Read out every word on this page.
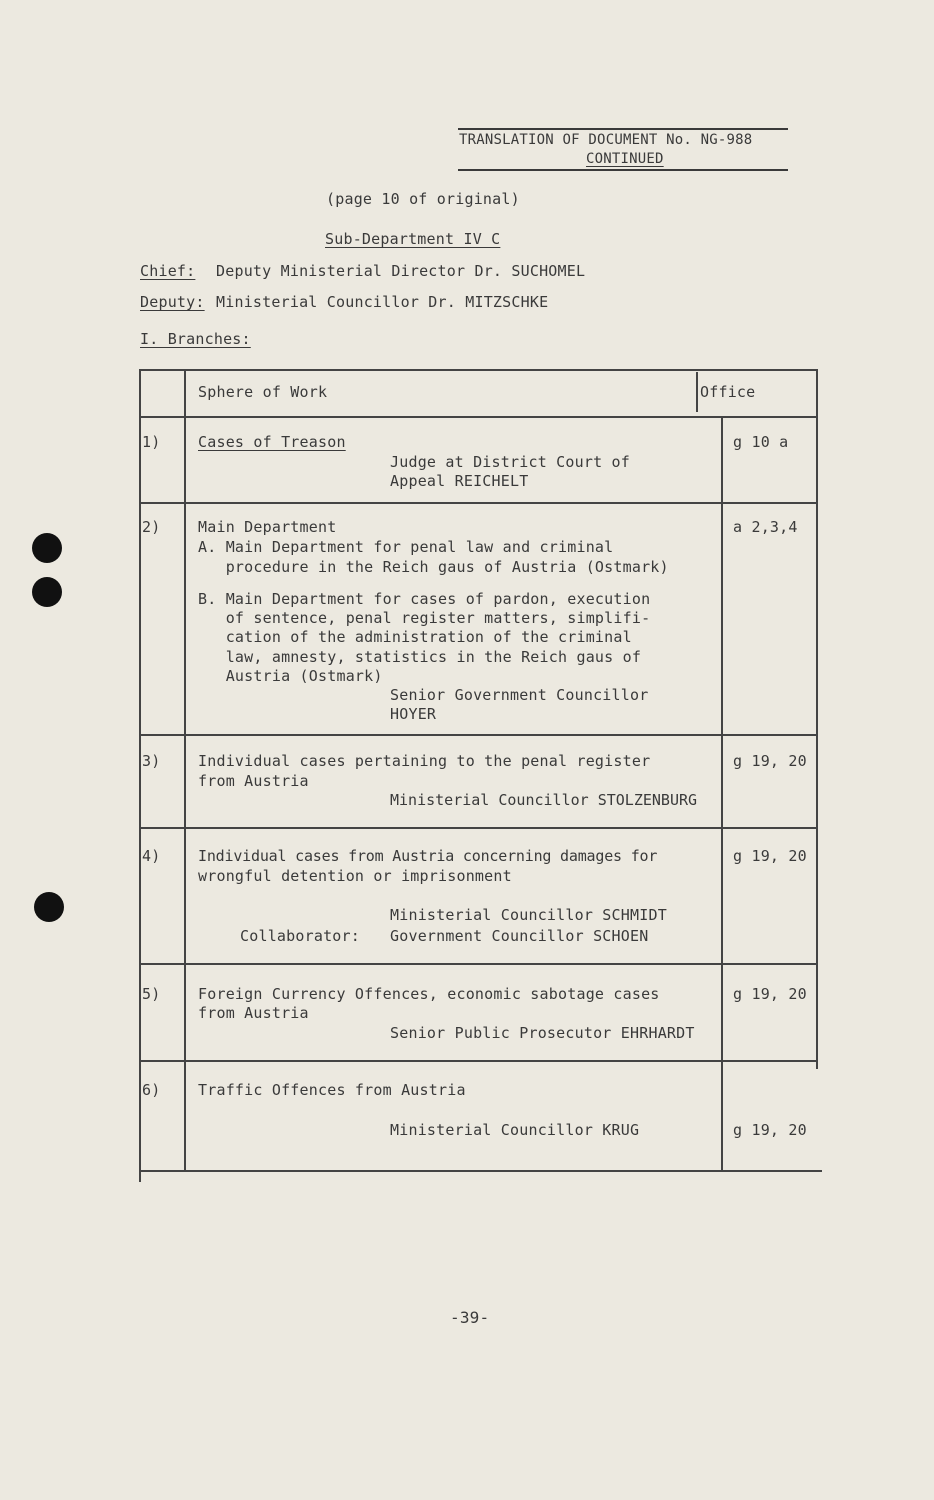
TRANSLATION OF DOCUMENT No. NG-988
CONTINUED
(page 10 of original)
Sub-Department IV C
Chief: Deputy Ministerial Director Dr. SUCHOMEL
Deputy: Ministerial Councillor Dr. MITZSCHKE
I. Branches:
Sphere of Work	Office
1)	Cases of Treason
Judge at District Court of
Appeal REICHELT
g 10 a
2)	Main Department
A. Main Department for penal law and criminal
procedure in the Reich gaus of Austria (Ostmark)
B. Main Department for cases of pardon, execution
of sentence, penal register matters, simplifi-
cation of the administration of the criminal
law, amnesty, statistics in the Reich gaus of
Austria (Ostmark)
Senior Government Councillor
HOYER
a 2,3,4
3)	Individual cases pertaining to the penal register
from Austria
Ministerial Councillor STOLZENBURG
g 19, 20
4)	Individual cases from Austria concerning damages for
wrongful detention or imprisonment
Ministerial Councillor SCHMIDT
Collaborator: Government Councillor SCHOEN
g 19, 20
5)	Foreign Currency Offences, economic sabotage cases
from Austria
Senior Public Prosecutor EHRHARDT
g 19, 20
6)	Traffic Offences from Austria
Ministerial Councillor KRUG	g 19, 20
-39-
